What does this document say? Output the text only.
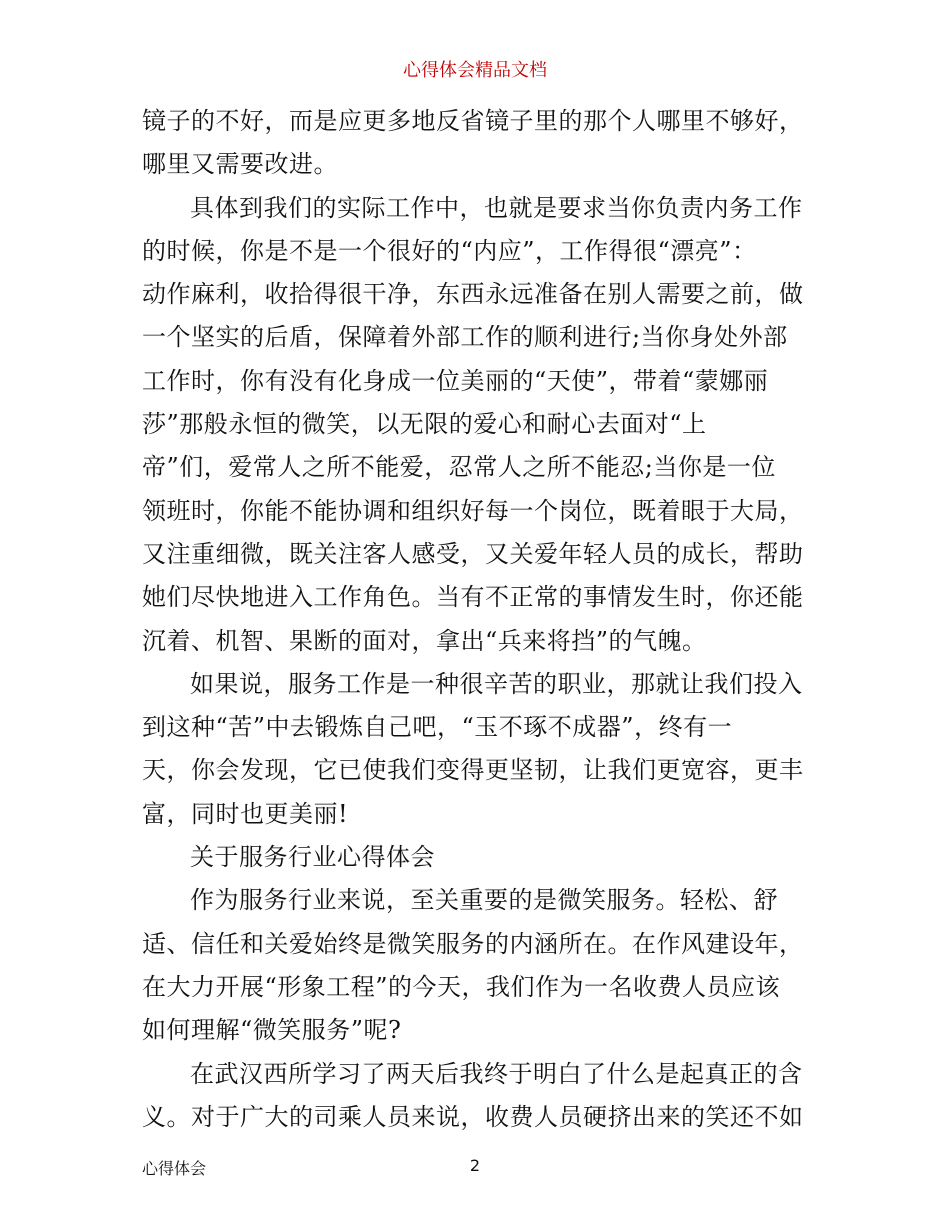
心得体会精品文档
镜子的不好，而是应更多地反省镜子里的那个人哪里不够好，
哪里又需要改进。
具体到我们的实际工作中，也就是要求当你负责内务工作
的时候，你是不是一个很好的“内应”，工作得很“漂亮”：
动作麻利，收拾得很干净，东西永远准备在别人需要之前，做
一个坚实的后盾，保障着外部工作的顺利进行;当你身处外部
工作时，你有没有化身成一位美丽的“天使”，带着“蒙娜丽
莎”那般永恒的微笑，以无限的爱心和耐心去面对“上
帝”们，爱常人之所不能爱，忍常人之所不能忍;当你是一位
领班时，你能不能协调和组织好每一个岗位，既着眼于大局，
又注重细微，既关注客人感受，又关爱年轻人员的成长，帮助
她们尽快地进入工作角色。当有不正常的事情发生时，你还能
沉着、机智、果断的面对，拿出“兵来将挡”的气魄。
如果说，服务工作是一种很辛苦的职业，那就让我们投入
到这种“苦”中去锻炼自己吧，“玉不琢不成器”，终有一
天，你会发现，它已使我们变得更坚韧，让我们更宽容，更丰
富，同时也更美丽!
关于服务行业心得体会
作为服务行业来说，至关重要的是微笑服务。轻松、舒
适、信任和关爱始终是微笑服务的内涵所在。在作风建设年，
在大力开展“形象工程”的今天，我们作为一名收费人员应该
如何理解“微笑服务”呢?
在武汉西所学习了两天后我终于明白了什么是起真正的含
义。对于广大的司乘人员来说，收费人员硬挤出来的笑还不如
心得体会	2
